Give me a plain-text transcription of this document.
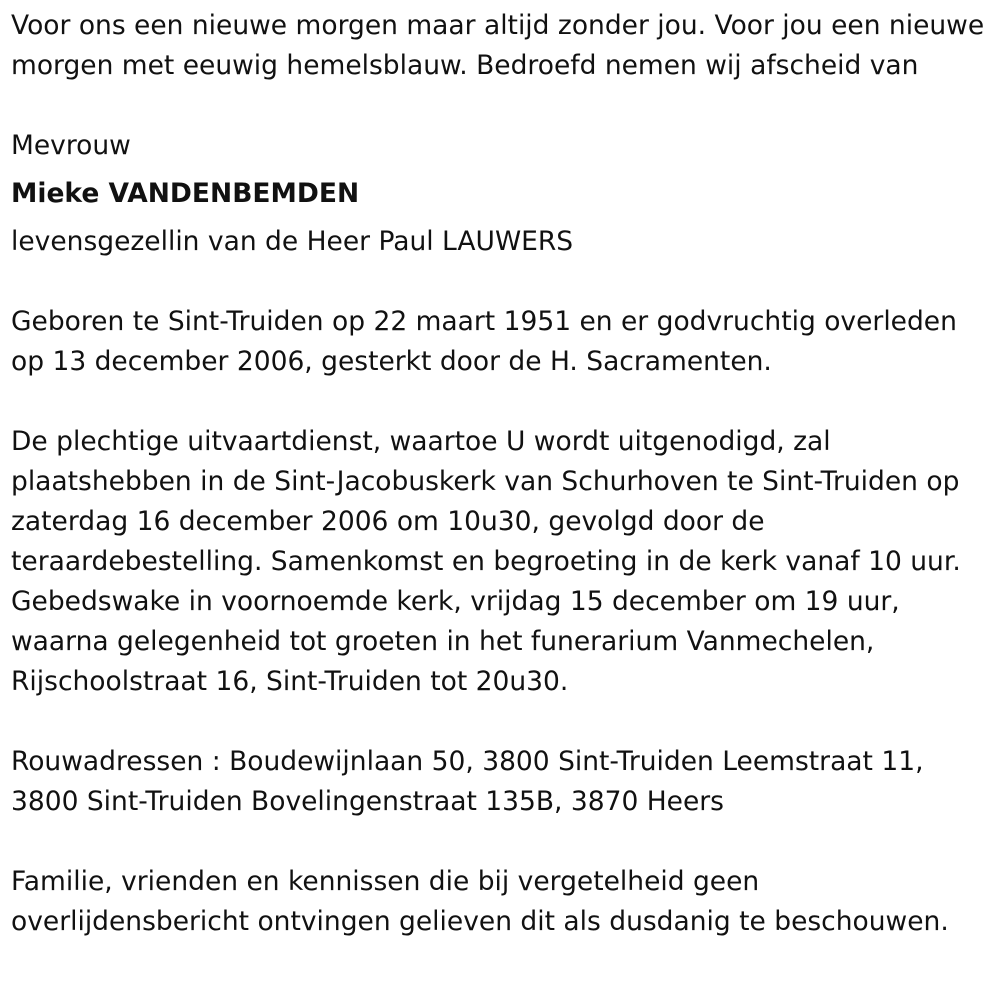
Voor ons een nieuwe morgen maar altijd zonder jou. Voor jou een nieuwe morgen met eeuwig hemelsblauw. Bedroefd nemen wij afscheid van

Mevrouw

Mieke VANDENBEMDEN

levensgezellin van de Heer Paul LAUWERS

Geboren te Sint-Truiden op 22 maart 1951 en er godvruchtig overleden op 13 december 2006, gesterkt door de H. Sacramenten.

De plechtige uitvaartdienst, waartoe U wordt uitgenodigd, zal plaatshebben in de Sint-Jacobuskerk van Schurhoven te Sint-Truiden op zaterdag 16 december 2006 om 10u30, gevolgd door de teraardebestelling. Samenkomst en begroeting in de kerk vanaf 10 uur. Gebedswake in voornoemde kerk, vrijdag 15 december om 19 uur, waarna gelegenheid tot groeten in het funerarium Vanmechelen, Rijschoolstraat 16, Sint-Truiden tot 20u30.

Rouwadressen : Boudewijnlaan 50, 3800 Sint-Truiden Leemstraat 11, 3800 Sint-Truiden Bovelingenstraat 135B, 3870 Heers

Familie, vrienden en kennissen die bij vergetelheid geen overlijdensbericht ontvingen gelieven dit als dusdanig te beschouwen.
